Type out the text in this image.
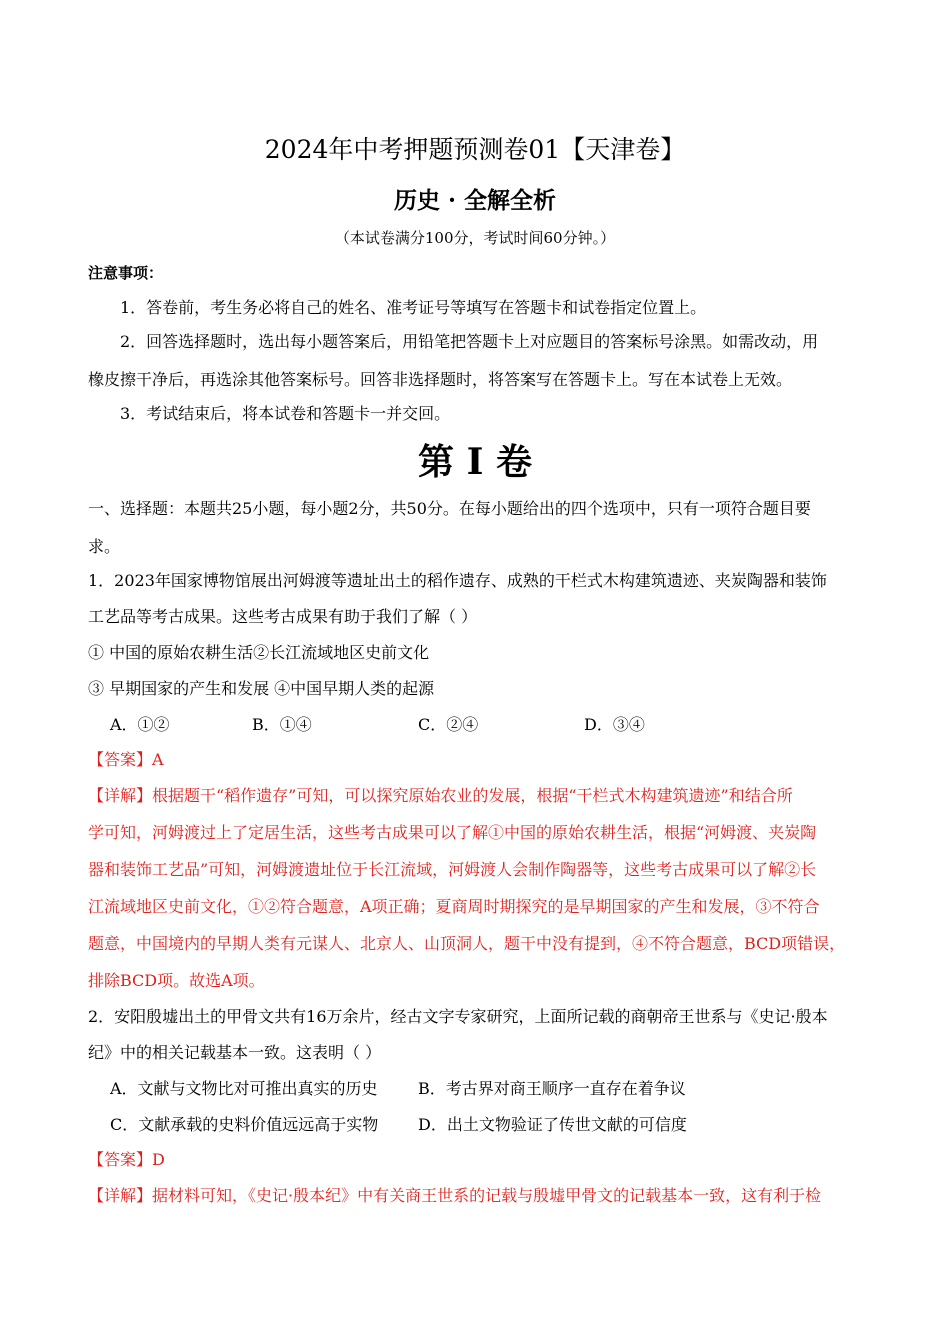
2024年中考押题预测卷01【天津卷】
历史 · 全解全析
（本试卷满分100分，考试时间60分钟。）
注意事项：
1．答卷前，考生务必将自己的姓名、准考证号等填写在答题卡和试卷指定位置上。
2．回答选择题时，选出每小题答案后，用铅笔把答题卡上对应题目的答案标号涂黑。如需改动，用
橡皮擦干净后，再选涂其他答案标号。回答非选择题时，将答案写在答题卡上。写在本试卷上无效。
3．考试结束后，将本试卷和答题卡一并交回。
第 I 卷
一、选择题：本题共25小题，每小题2分，共50分。在每小题给出的四个选项中，只有一项符合题目要
求。
1．2023年国家博物馆展出河姆渡等遗址出土的稻作遗存、成熟的干栏式木构建筑遗迹、夹炭陶器和装饰
工艺品等考古成果。这些考古成果有助于我们了解（ ）
① 中国的原始农耕生活②长江流域地区史前文化
③ 早期国家的产生和发展 ④中国早期人类的起源
A．①②	B．①④	C．②④	D．③④
【答案】A
【详解】根据题干“稻作遗存”可知，可以探究原始农业的发展，根据“干栏式木构建筑遗迹”和结合所
学可知，河姆渡过上了定居生活，这些考古成果可以了解①中国的原始农耕生活，根据“河姆渡、夹炭陶
器和装饰工艺品”可知，河姆渡遗址位于长江流域，河姆渡人会制作陶器等，这些考古成果可以了解②长
江流域地区史前文化，①②符合题意，A项正确；夏商周时期探究的是早期国家的产生和发展，③不符合
题意，中国境内的早期人类有元谋人、北京人、山顶洞人，题干中没有提到，④不符合题意，BCD项错误，
排除BCD项。故选A项。
2．安阳殷墟出土的甲骨文共有16万余片，经古文字专家研究，上面所记载的商朝帝王世系与《史记·殷本
纪》中的相关记载基本一致。这表明（ ）
A．文献与文物比对可推出真实的历史	B．考古界对商王顺序一直存在着争议
C．文献承载的史料价值远远高于实物 D．出土文物验证了传世文献的可信度
【答案】D
【详解】据材料可知，《史记·殷本纪》中有关商王世系的记载与殷墟甲骨文的记载基本一致，这有利于检
